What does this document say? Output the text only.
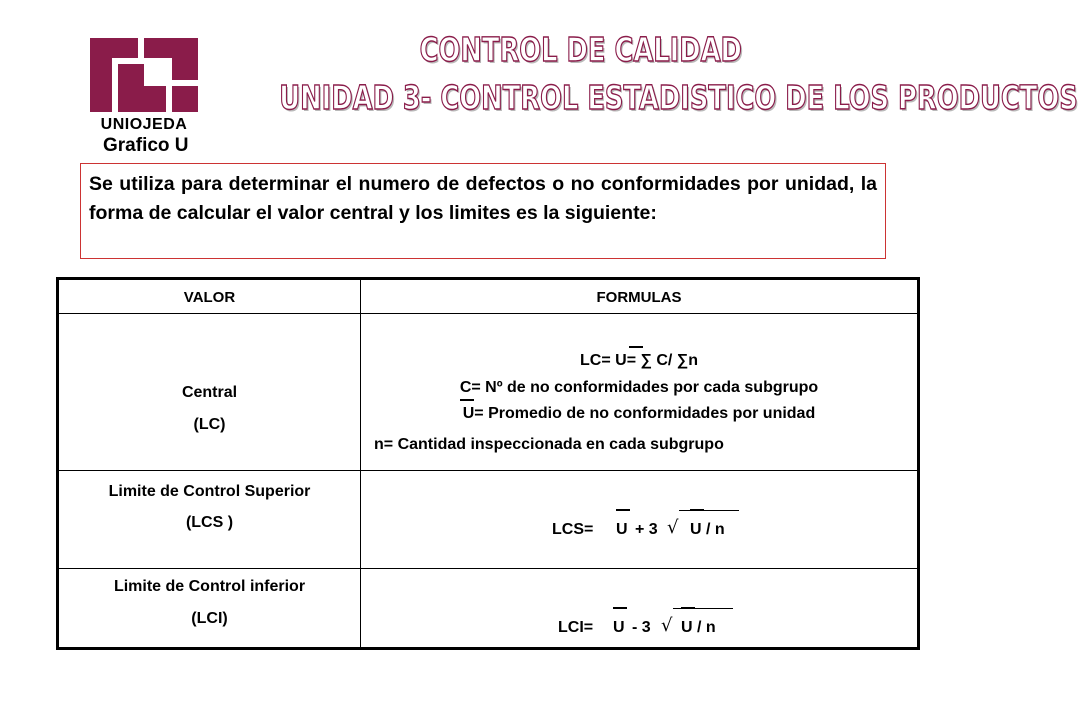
UNIOJEDA
CONTROL DE CALIDAD
UNIDAD 3- CONTROL ESTADISTICO DE LOS PRODUCTOS
Grafico U
Se utiliza para determinar el numero de defectos o no conformidades por unidad, la forma de calcular el valor central y los limites es la siguiente:
VALOR	FORMULAS
Central
(LC)
LC= U= ∑ C/ ∑n
C= Nº de no conformidades por cada subgrupo
U= Promedio de no conformidades por unidad
n= Cantidad inspeccionada en cada subgrupo
Limite de Control Superior
(LCS )	LCS= U + 3 √ U / n
Limite de Control inferior
(LCI)
LCI= U - 3 √ U / n
